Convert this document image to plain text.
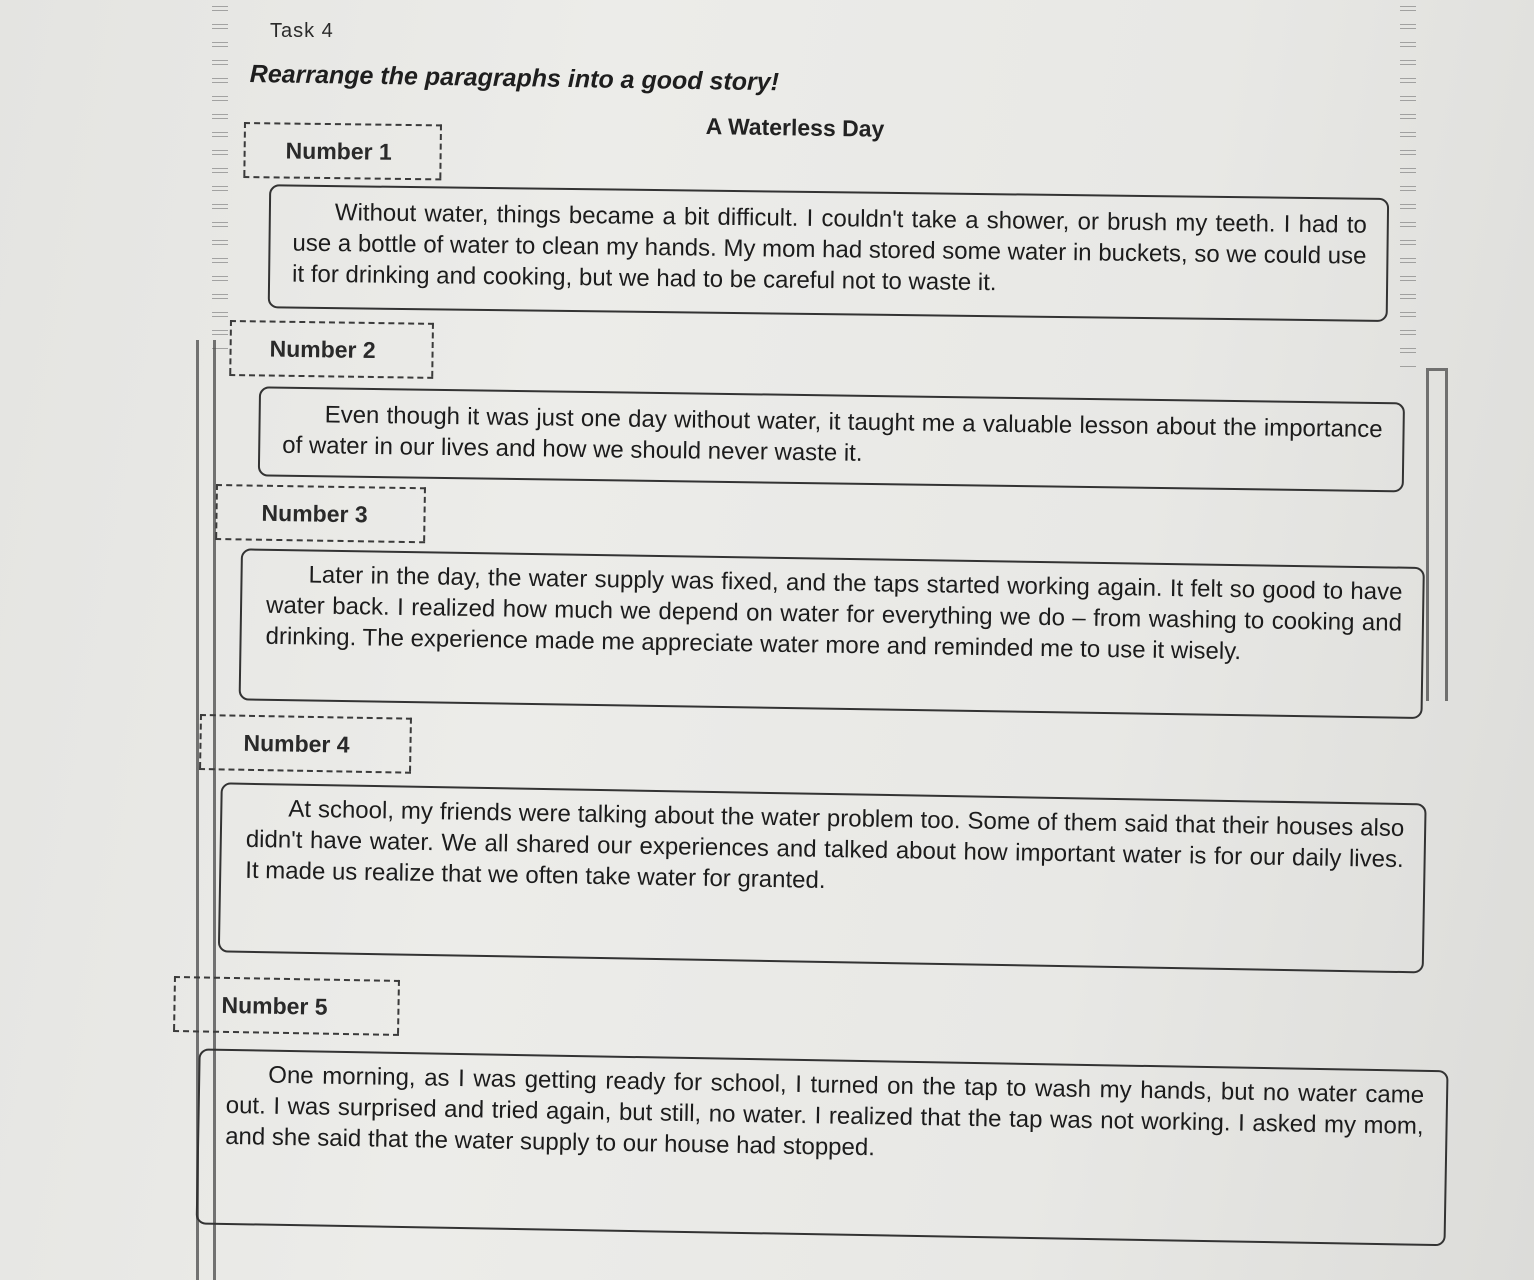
Task 4
Rearrange the paragraphs into a good story!
A Waterless Day
Number 1

Without water, things became a bit difficult. I couldn't take a shower, or brush my teeth. I had to use a bottle of water to clean my hands. My mom had stored some water in buckets, so we could use it for drinking and cooking, but we had to be careful not to waste it.

Number 2

Even though it was just one day without water, it taught me a valuable lesson about the importance of water in our lives and how we should never waste it.

Number 3

Later in the day, the water supply was fixed, and the taps started working again. It felt so good to have water back. I realized how much we depend on water for everything we do – from washing to cooking and drinking. The experience made me appreciate water more and reminded me to use it wisely.

Number 4

At school, my friends were talking about the water problem too. Some of them said that their houses also didn't have water. We all shared our experiences and talked about how important water is for our daily lives. It made us realize that we often take water for granted.

Number 5

One morning, as I was getting ready for school, I turned on the tap to wash my hands, but no water came out. I was surprised and tried again, but still, no water. I realized that the tap was not working. I asked my mom, and she said that the water supply to our house had stopped.
